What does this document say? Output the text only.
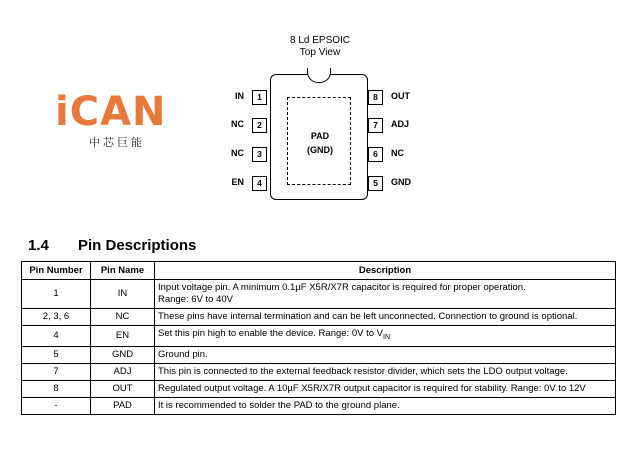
iCAN
中芯巨能
8 Ld EPSOIC
Top View
PAD
(GND)
IN	1
NC	2
NC	3
EN	4
8	OUT
7	ADJ
6	NC
5	GND
1.4 Pin Descriptions
Pin Number	Pin Name	Description
1	IN	Input voltage pin. A minimum 0.1µF X5R/X7R capacitor is required for proper operation.
Range: 6V to 40V

2, 3, 6	NC	These pins have internal termination and can be left unconnected. Connection to ground is optional.
4	EN	Set this pin high to enable the device. Range: 0V to $V_{IN}$
5	GND	Ground pin.
7	ADJ	This pin is connected to the external feedback resistor divider, which sets the LDO output voltage.
8	OUT	Regulated output voltage. A 10µF X5R/X7R output capacitor is required for stability. Range: 0V to 12V
-	PAD	It is recommended to solder the PAD to the ground plane.
